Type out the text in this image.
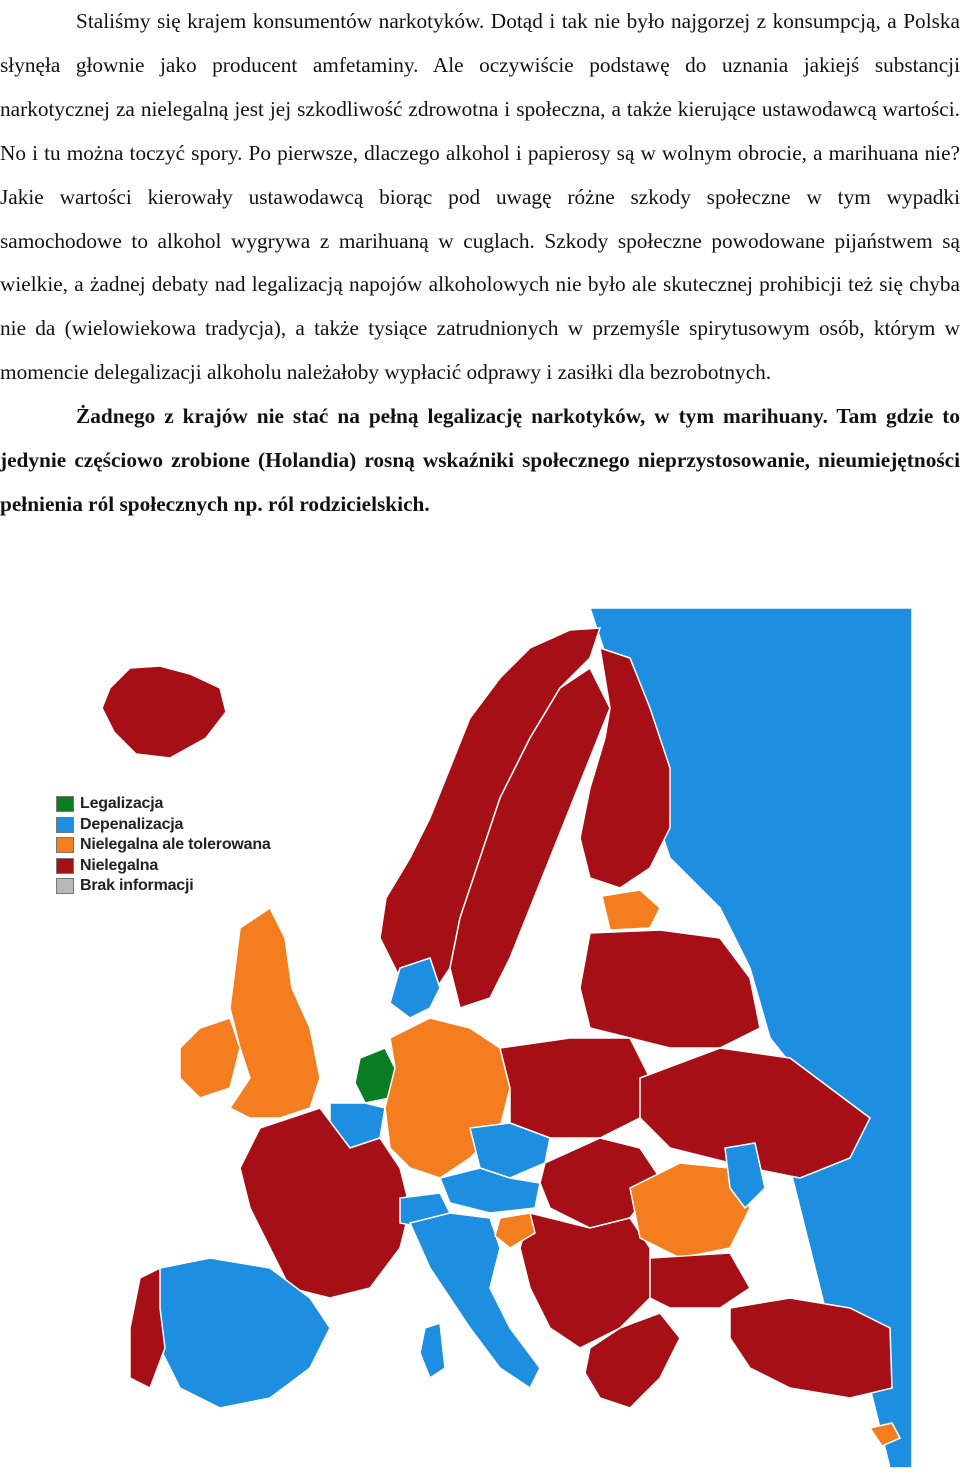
Staliśmy się krajem konsumentów narkotyków. Dotąd i tak nie było najgorzej z konsumpcją, a Polska słynęła głownie jako producent amfetaminy. Ale oczywiście podstawę do uznania jakiejś substancji narkotycznej za nielegalną jest jej szkodliwość zdrowotna i społeczna, a także kierujące ustawodawcą wartości. No i tu można toczyć spory. Po pierwsze, dlaczego alkohol i papierosy są w wolnym obrocie, a marihuana nie? Jakie wartości kierowały ustawodawcą biorąc pod uwagę różne szkody społeczne w tym wypadki samochodowe to alkohol wygrywa z marihuaną w cuglach. Szkody społeczne powodowane pijaństwem są wielkie, a żadnej debaty nad legalizacją napojów alkoholowych nie było ale skutecznej prohibicji też się chyba nie da (wielowiekowa tradycja), a także tysiące zatrudnionych w przemyśle spirytusowym osób, którym w momencie delegalizacji alkoholu należałoby wypłacić odprawy i zasiłki dla bezrobotnych.

Żadnego z krajów nie stać na pełną legalizację narkotyków, w tym marihuany. Tam gdzie to jedynie częściowo zrobione (Holandia) rosną wskaźniki społecznego nieprzystosowanie, nieumiejętności pełnienia ról społecznych np. ról rodzicielskich.

Legalizacja
Depenalizacja
Nielegalna ale tolerowana
Nielegalna
Brak informacji
